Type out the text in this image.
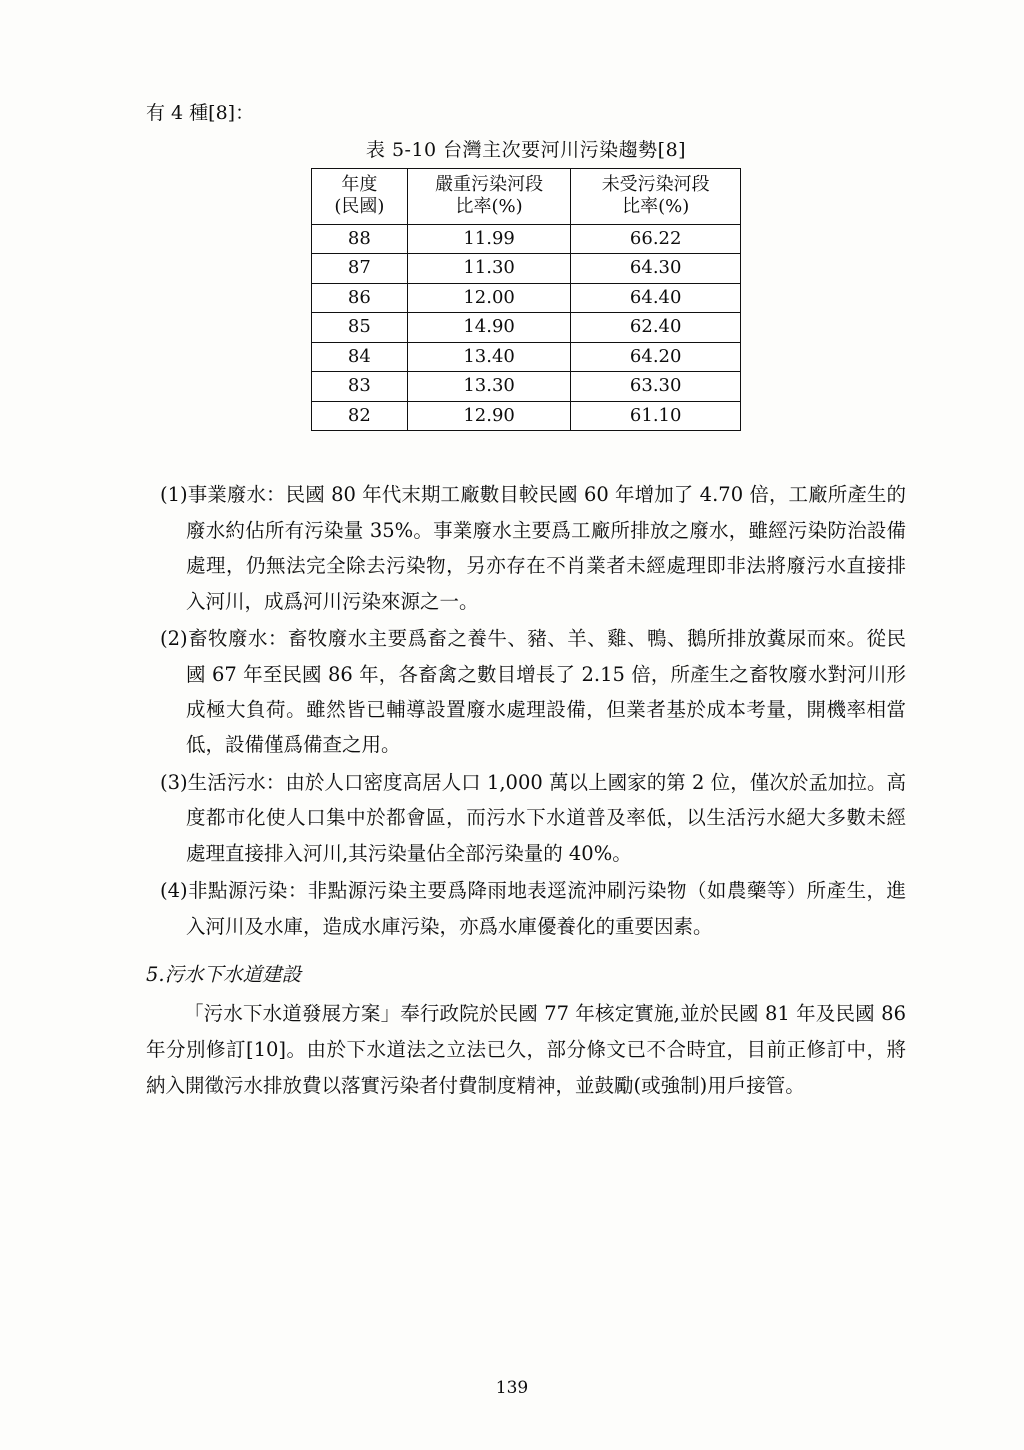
有 4 種[8]：

表 5-10 台灣主次要河川污染趨勢[8]
年度
(民國)

嚴重污染河段
比率(%)

未受污染河段
比率(%)

88	11.99	66.22
87	11.30	64.30
86	12.00	64.40
85	14.90	62.40
84	13.40	64.20
83	13.30	63.30
82	12.90	61.10
(1)事業廢水：民國 80 年代末期工廠數目較民國 60 年增加了 4.70 倍，工廠所產生的廢水約佔所有污染量 35%。事業廢水主要爲工廠所排放之廢水，雖經污染防治設備處理，仍無法完全除去污染物，另亦存在不肖業者未經處理即非法將廢污水直接排入河川，成爲河川污染來源之一。
(2)畜牧廢水：畜牧廢水主要爲畜之養牛、豬、羊、雞、鴨、鵝所排放糞尿而來。從民國 67 年至民國 86 年，各畜禽之數目增長了 2.15 倍，所產生之畜牧廢水對河川形成極大負荷。雖然皆已輔導設置廢水處理設備，但業者基於成本考量，開機率相當低，設備僅爲備查之用。
(3)生活污水：由於人口密度高居人口 1,000 萬以上國家的第 2 位，僅次於孟加拉。高度都市化使人口集中於都會區，而污水下水道普及率低，以生活污水絕大多數未經處理直接排入河川,其污染量佔全部污染量的 40%。
(4)非點源污染：非點源污染主要爲降雨地表逕流沖刷污染物（如農藥等）所產生，進入河川及水庫，造成水庫污染，亦爲水庫優養化的重要因素。
5.污水下水道建設

「污水下水道發展方案」奉行政院於民國 77 年核定實施,並於民國 81 年及民國 86 年分別修訂[10]。由於下水道法之立法已久，部分條文已不合時宜，目前正修訂中，將納入開徵污水排放費以落實污染者付費制度精神，並鼓勵(或強制)用戶接管。

139
